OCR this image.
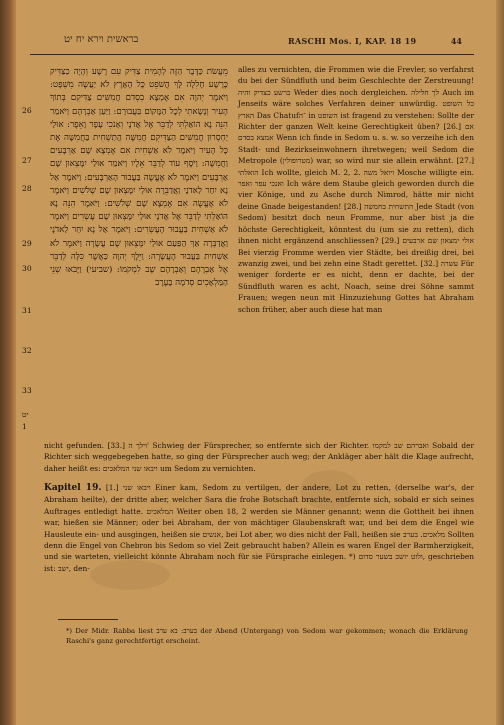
בראשית וירא יח יט	RASCHI Mos. I, KAP. 18 19	44
26
27
28
29
30
31
32
33
יט
1

מֵעֲשֹׂת כַּדָּבָר הַזֶּה לְהָמִית צַדִּיק עִם רָשָׁע וְהָיָה כַצַּדִּיק כָּרָשָׁע חָלִלָה לָּךְ הֲשֹׁפֵט כָּל הָאָרֶץ לֹא יַעֲשֶׂה מִשְׁפָּט: וַיֹּאמֶר יְהוָה אִם אֶמְצָא בִסְדֹם חֲמִשִּׁים צַדִּיקִם בְּתוֹךְ הָעִיר וְנָשָׂאתִי לְכָל הַמָּקוֹם בַּעֲבוּרָם: וַיַּעַן אַבְרָהָם וַיֹּאמַר הִנֵּה נָא הוֹאַלְתִּי לְדַבֵּר אֶל אֲדֹנָי וְאָנֹכִי עָפָר וָאֵפֶר: אוּלַי יַחְסְרוּן חֲמִשִּׁים הַצַּדִּיקִם חֲמִשָּׁה הֲתַשְׁחִית בַּחֲמִשָּׁה אֶת כָּל הָעִיר וַיֹּאמֶר לֹא אַשְׁחִית אִם אֶמְצָא שָׁם אַרְבָּעִים וַחֲמִשָּׁה: וַיֹּסֶף עוֹד לְדַבֵּר אֵלָיו וַיֹּאמַר אוּלַי יִמָּצְאוּן שָׁם אַרְבָּעִים וַיֹּאמֶר לֹא אֶעֱשֶׂה בַּעֲבוּר הָאַרְבָּעִים: וַיֹּאמֶר אַל נָא יִחַר לַאדֹנָי וַאֲדַבֵּרָה אוּלַי יִמָּצְאוּן שָׁם שְׁלֹשִׁים וַיֹּאמֶר לֹא אֶעֱשֶׂה אִם אֶמְצָא שָׁם שְׁלֹשִׁים: וַיֹּאמֶר הִנֵּה נָא הוֹאַלְתִּי לְדַבֵּר אֶל אֲדֹנָי אוּלַי יִמָּצְאוּן שָׁם עֶשְׂרִים וַיֹּאמֶר לֹא אַשְׁחִית בַּעֲבוּר הָעֶשְׂרִים: וַיֹּאמֶר אַל נָא יִחַר לַאדֹנָי וַאֲדַבְּרָה אַךְ הַפַּעַם אוּלַי יִמָּצְאוּן שָׁם עֲשָׂרָה וַיֹּאמֶר לֹא אַשְׁחִית בַּעֲבוּר הָעֲשָׂרָה: וַיֵּלֶךְ יְהוָה כַּאֲשֶׁר כִּלָּה לְדַבֵּר אֶל אַבְרָהָם וְאַבְרָהָם שָׁב לִמְקֹמוֹ: (שביעי) וַיָּבֹאוּ שְׁנֵי הַמַּלְאָכִים סְדֹמָה בָּעֶרֶב

alles zu vernichten, die Frommen wie die Frevler, so verfahrst du bei der Sündfluth und beim Geschlechte der Zerstreuung! כרשע כצדיק והיה Weder dies noch dergleichen. לך חלילה Auch im Jenseits wäre solches Verfahren deiner unwürdig. כל השופט הארץ Das Chatuf־ה in השופט ist fragend zu verstehen: Sollte der Richter der ganzen Welt keine Gerechtigkeit üben? [26.] אם אמצא בסדם Wenn ich finde in Sedom u. s. w. so verzeihe ich den Stadt- und Bezirkseinwohnern ihretwegen; weil Sedom die Metropole (מטרופולין) war, so wird nur sie allein erwähnt. [27.] הואלתי Ich wollte, gleich M. 2, 2. ויואל משה Mosche willigte ein. ואנכי עפר ואפר Ich wäre dem Staube gleich geworden durch die vier Könige, und zu Asche durch Nimrod, hätte mir nicht deine Gnade beigestanden! [28.] התשחית בחמשה Jede Stadt (von Sedom) besitzt doch neun Fromme, nur aber bist ja die höchste Gerechtigkeit, könntest du (um sie zu retten), dich ihnen nicht ergänzend anschliessen? [29.] אולי ימצאון שם ארבעים Bei vierzig Fromme werden vier Städte, bei dreißig drei, bei zwanzig zwei, und bei zehn eine Stadt gerettet. [32.] עשרה Für weniger forderte er es nicht, denn er dachte, bei der Sündfluth waren es acht, Noach, seine drei Söhne sammt Frauen; wegen neun mit Hinzuziehung Gottes hat Abraham schon früher, aber auch diese hat man

nicht gefunden. [33.] וילך ה' Schwieg der Fürsprecher, so entfernte sich der Richter. ואברהם שב למקמו Sobald der Richter sich weggebegeben hatte, so ging der Fürsprecher auch weg; der Ankläger aber hält die Klage aufrecht, daher heißt es: ויבאו שני המלאכים um Sedom zu vernichten.

Kapitel 19. [1.] ויבאו שני Einer kam, Sedom zu vertilgen, der andere, Lot zu retten, (derselbe war's, der Abraham heilte), der dritte aber, welcher Sara die frohe Botschaft brachte, entfernte sich, sobald er sich seines Auftrages entledigt hatte. המלאכים Weiter oben 18, 2 werden sie Männer genannt; wenn die Gottheit bei ihnen war, hießen sie Männer; oder bei Abraham, der von mächtiger Glaubenskraft war, und bei dem die Engel wie Hausleute ein- und ausgingen, heißen sie אנשים, bei Lot aber, wo dies nicht der Fall, heißen sie מלאכים. בערב Sollten denn die Engel von Chebron bis Sedom so viel Zeit gebraucht haben? Allein es waren Engel der Barmherzigkeit, und sie warteten, vielleicht könnte Abraham noch für sie Fürsprache einlegen. *) ולוט יושב בשער סדום, geschrieben ist: ישב, den-

*) Der Midr. Rabba liest בערב: בא ערב der Abend (Untergang) von Sedom war gekommen; wonach die Erklärung Raschi's ganz gerechtfertigt erscheint.
